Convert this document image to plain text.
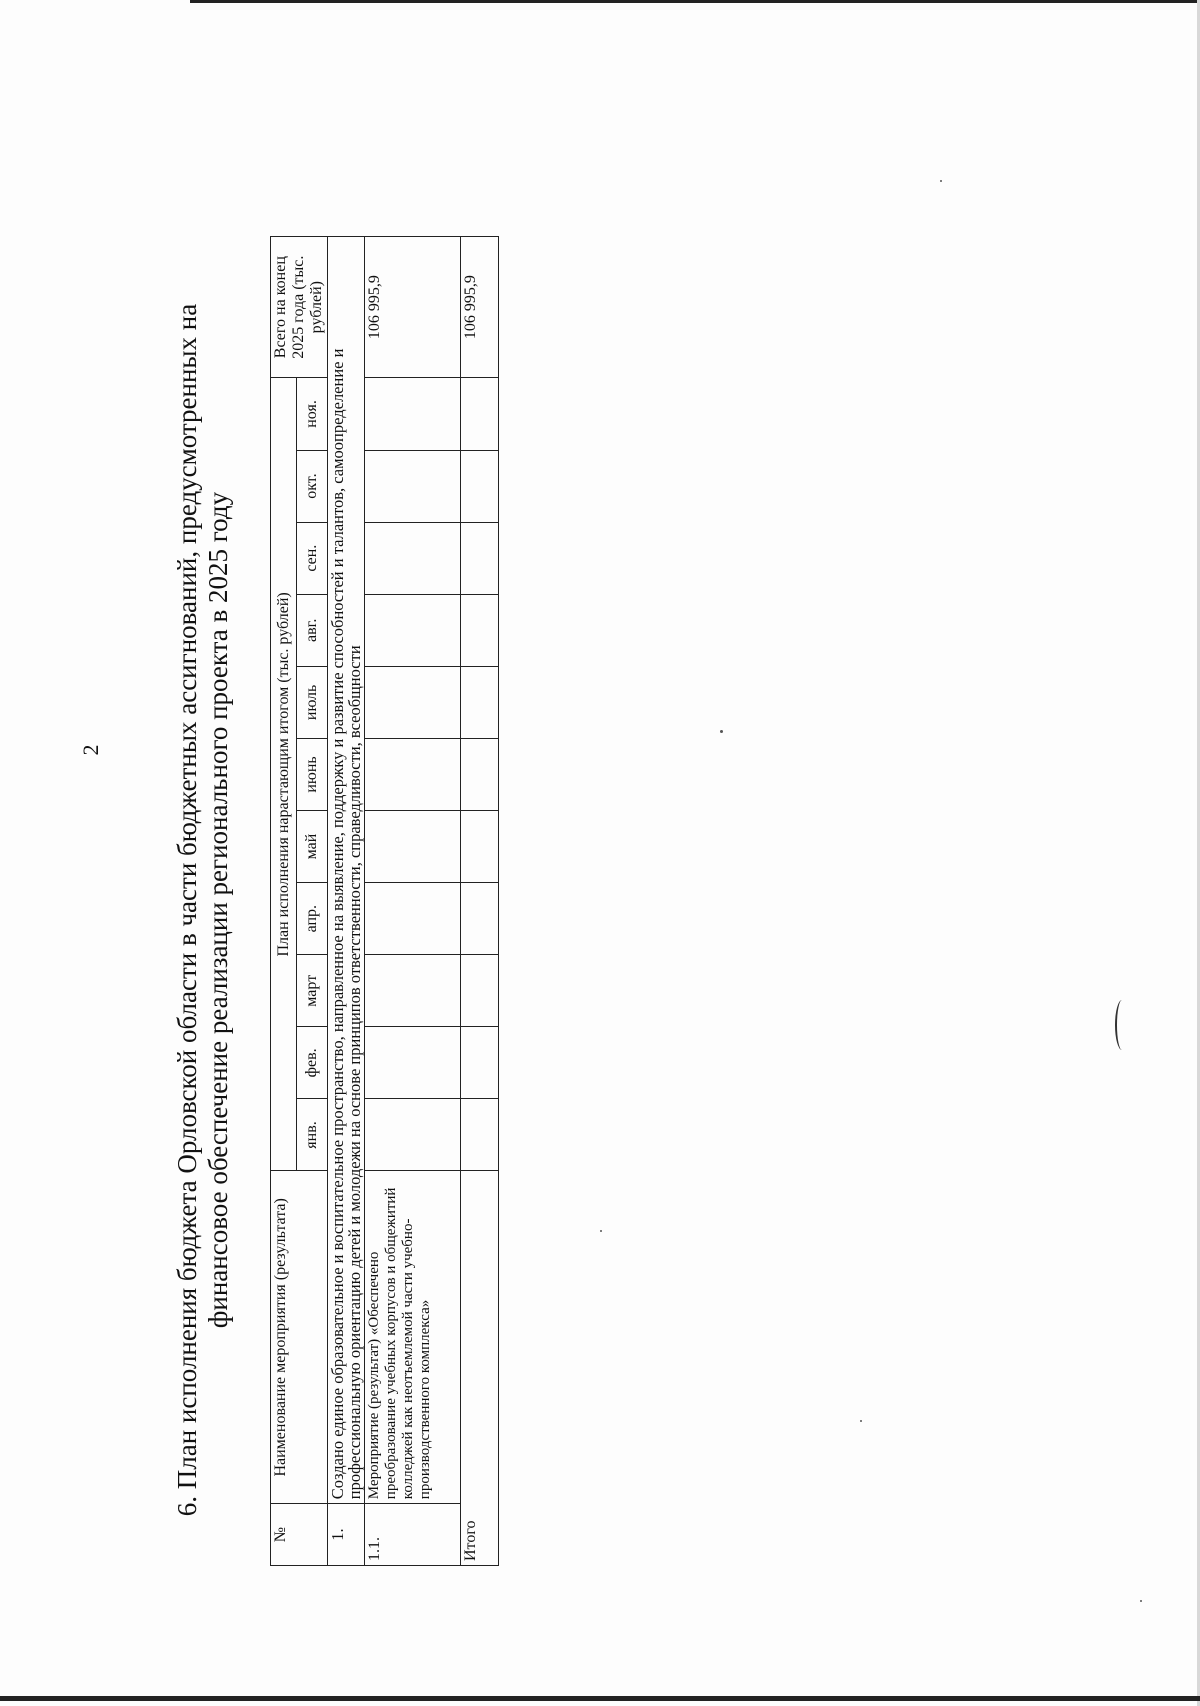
2	6. План исполнения бюджета Орловской области в части бюджетных ассигнований, предусмотренных на финансовое обеспечение реализации регионального проекта в 2025 году
№	Наименование мероприятия (результата)	План исполнения нарастающим итогом (тыс. рублей)											Всего на конец 2025 года (тыс. рублей)
		янв.	фев.	март	апр.	май	июнь	июль	авг.	сен.	окт.	ноя.	
1.	Создано единое образовательное и воспитательное пространство, направленное на выявление, поддержку и развитие способностей и талантов, самоопределение и профессиональную ориентацию детей и молодежи на основе принципов ответственности, справедливости, всеобщности												
1.1.	Мероприятие (результат) «Обеспечено преобразование учебных корпусов и общежитий колледжей как неотъемлемой части учебно-производственного комплекса»												106 995,9
Итого													106 995,9
